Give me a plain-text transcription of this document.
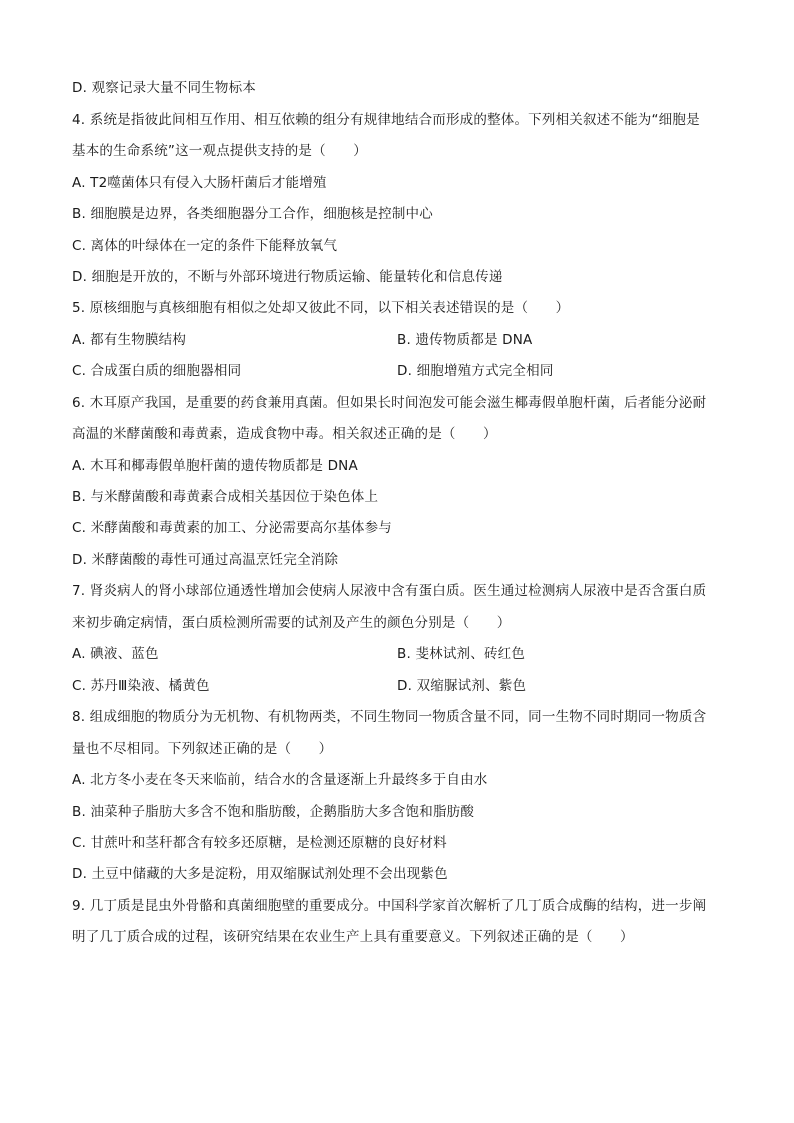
D. 观察记录大量不同生物标本
4. 系统是指彼此间相互作用、相互依赖的组分有规律地结合而形成的整体。下列相关叙述不能为“细胞是
基本的生命系统”这一观点提供支持的是（　　）
A. T2噬菌体只有侵入大肠杆菌后才能增殖
B. 细胞膜是边界，各类细胞器分工合作，细胞核是控制中心
C. 离体的叶绿体在一定的条件下能释放氧气
D. 细胞是开放的，不断与外部环境进行物质运输、能量转化和信息传递
5. 原核细胞与真核细胞有相似之处却又彼此不同，以下相关表述错误的是（　　）
A. 都有生物膜结构	B. 遗传物质都是 DNA
C. 合成蛋白质的细胞器相同	D. 细胞增殖方式完全相同
6. 木耳原产我国，是重要的药食兼用真菌。但如果长时间泡发可能会滋生椰毒假单胞杆菌，后者能分泌耐
高温的米酵菌酸和毒黄素，造成食物中毒。相关叙述正确的是（　　）
A. 木耳和椰毒假单胞杆菌的遗传物质都是 DNA
B. 与米酵菌酸和毒黄素合成相关基因位于染色体上
C. 米酵菌酸和毒黄素的加工、分泌需要高尔基体参与
D. 米酵菌酸的毒性可通过高温烹饪完全消除
7. 肾炎病人的肾小球部位通透性增加会使病人尿液中含有蛋白质。医生通过检测病人尿液中是否含蛋白质
来初步确定病情，蛋白质检测所需要的试剂及产生的颜色分别是（　　）
A. 碘液、蓝色	B. 斐林试剂、砖红色
C. 苏丹Ⅲ染液、橘黄色	D. 双缩脲试剂、紫色
8. 组成细胞的物质分为无机物、有机物两类，不同生物同一物质含量不同，同一生物不同时期同一物质含
量也不尽相同。下列叙述正确的是（　　）
A. 北方冬小麦在冬天来临前，结合水的含量逐渐上升最终多于自由水
B. 油菜种子脂肪大多含不饱和脂肪酸，企鹅脂肪大多含饱和脂肪酸
C. 甘蔗叶和茎秆都含有较多还原糖，是检测还原糖的良好材料
D. 土豆中储藏的大多是淀粉，用双缩脲试剂处理不会出现紫色
9. 几丁质是昆虫外骨骼和真菌细胞壁的重要成分。中国科学家首次解析了几丁质合成酶的结构，进一步阐
明了几丁质合成的过程，该研究结果在农业生产上具有重要意义。下列叙述正确的是（　　）
